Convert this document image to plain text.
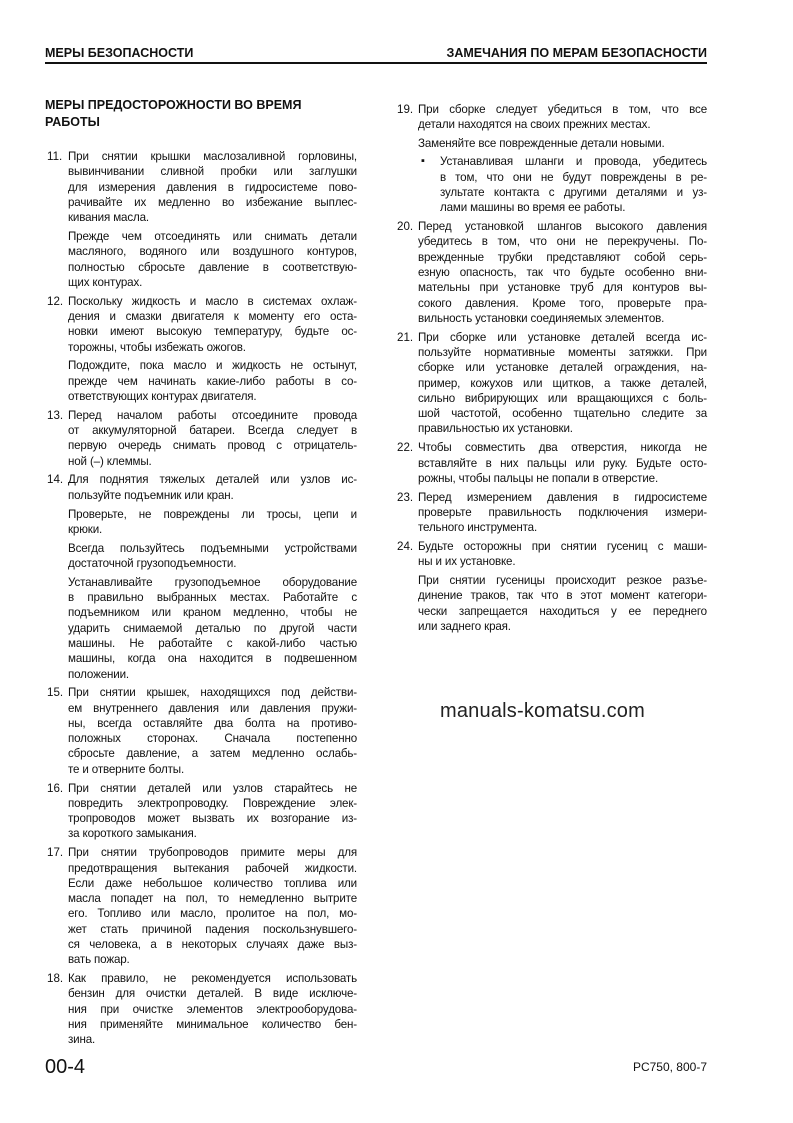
МЕРЫ БЕЗОПАСНОСТИ	ЗАМЕЧАНИЯ ПО МЕРАМ БЕЗОПАСНОСТИ
МЕРЫ ПРЕДОСТОРОЖНОСТИ ВО ВРЕМЯ РАБОТЫ
11. При снятии крышки маслозаливной горловины,
вывинчивании сливной пробки или заглушки
для измерения давления в гидросистеме пово-
рачивайте их медленно во избежание выплес-
кивания масла.
Прежде чем отсоединять или снимать детали
масляного, водяного или воздушного контуров,
полностью сбросьте давление в соответствую-
щих контурах.
12. Поскольку жидкость и масло в системах охлаж-
дения и смазки двигателя к моменту его оста-
новки имеют высокую температуру, будьте ос-
торожны, чтобы избежать ожогов.
Подождите, пока масло и жидкость не остынут,
прежде чем начинать какие-либо работы в со-
ответствующих контурах двигателя.
13. Перед началом работы отсоедините провода
от аккумуляторной батареи. Всегда следует в
первую очередь снимать провод с отрицатель-
ной (–) клеммы.
14. Для поднятия тяжелых деталей или узлов ис-
пользуйте подъемник или кран.
Проверьте, не повреждены ли тросы, цепи и
крюки.
Всегда пользуйтесь подъемными устройствами
достаточной грузоподъемности.
Устанавливайте грузоподъемное оборудование
в правильно выбранных местах. Работайте с
подъемником или краном медленно, чтобы не
ударить снимаемой деталью по другой части
машины. Не работайте с какой-либо частью
машины, когда она находится в подвешенном
положении.
15. При снятии крышек, находящихся под действи-
ем внутреннего давления или давления пружи-
ны, всегда оставляйте два болта на противо-
положных сторонах. Сначала постепенно
сбросьте давление, а затем медленно ослабь-
те и отверните болты.
16. При снятии деталей или узлов старайтесь не
повредить электропроводку. Повреждение элек-
тропроводов может вызвать их возгорание из-
за короткого замыкания.
17. При снятии трубопроводов примите меры для
предотвращения вытекания рабочей жидкости.
Если даже небольшое количество топлива или
масла попадет на пол, то немедленно вытрите
его. Топливо или масло, пролитое на пол, мо-
жет стать причиной падения поскользнувшего-
ся человека, а в некоторых случаях даже выз-
вать пожар.
18. Как правило, не рекомендуется использовать
бензин для очистки деталей. В виде исключе-
ния при очистке элементов электрооборудова-
ния применяйте минимальное количество бен-
зина.
19. При сборке следует убедиться в том, что все
детали находятся на своих прежних местах.
Заменяйте все поврежденные детали новыми.
▪ Устанавливая шланги и провода, убедитесь
в том, что они не будут повреждены в ре-
зультате контакта с другими деталями и уз-
лами машины во время ее работы.
20. Перед установкой шлангов высокого давления
убедитесь в том, что они не перекручены. По-
врежденные трубки представляют собой серь-
езную опасность, так что будьте особенно вни-
мательны при установке труб для контуров вы-
сокого давления. Кроме того, проверьте пра-
вильность установки соединяемых элементов.
21. При сборке или установке деталей всегда ис-
пользуйте нормативные моменты затяжки. При
сборке или установке деталей ограждения, на-
пример, кожухов или щитков, а также деталей,
сильно вибрирующих или вращающихся с боль-
шой частотой, особенно тщательно следите за
правильностью их установки.
22. Чтобы совместить два отверстия, никогда не
вставляйте в них пальцы или руку. Будьте осто-
рожны, чтобы пальцы не попали в отверстие.
23. Перед измерением давления в гидросистеме
проверьте правильность подключения измери-
тельного инструмента.
24. Будьте осторожны при снятии гусениц с маши-
ны и их установке.
При снятии гусеницы происходит резкое разъе-
динение траков, так что в этот момент категори-
чески запрещается находиться у ее переднего
или заднего края.
manuals-komatsu.com
00-4	PC750, 800-7
